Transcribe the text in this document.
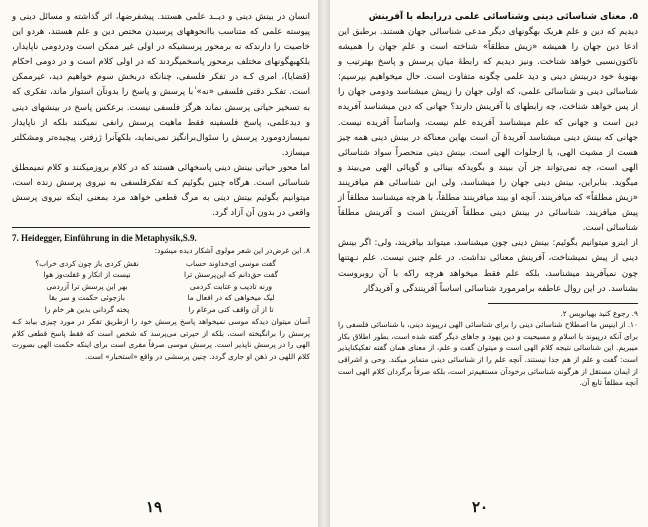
انسان در بینش دینی و دیــد علمی هستند. پیشفرضها، اثر گذاشته و مسائل دینی و پیوسته علمی که متناسب باانحوههای پرسیدن مختص دین و علم هستند، هردو این خاصیت را دارندکه نه برمحور پرسشیکه در اولی غیر ممکن است ودردومی ناپایدار، بلکهبهگونهای مختلف برمحور پاسخمیگردند که در اولی کلام است و در دومی احکام (قضایا)، امری کـه در تفکر فلسفی، چنانکه دربخش سوم خواهیم دید، غیرممکن است. تفکـر دقتی فلسفی «نه» ٰبا پرسش و پاسخ را بدونآن استوار ماند، تفکری که به تسخیر حیاتی پرسش نماند هرگز فلسفی نیست. برعکس پاسخ در بینشهای دینی و دیدعلمی، پاسخ فلسفینه فقط ماهیت پرسش رانفی نمیکنند بلکه از ناپایدار نمیسازدومورد پرسش را سئوال‌برانگیز نمی‌نماید، بلکهآنرا ژرفتر، پیچیده‌تر ومشکلتر میسازد.

اما محور حیاتی بینش دینی پاسخهائی هستند که در کلام بروزمیکنند و کلام نمیمطلق شناسائی است. هرگاه چنین بگوئیم کـه تفکرفلسفی به نیروی پرسش زنده است، میتوانیم بگوئیم بینش دینی به مرگ قطعی خواهد مرد بمعنی اینکه نیروی پرسش واقعی در بدون آن آزاد گرد.

7. Heidegger, Einführung in die Metaphysik,S.9.

۸. این غرض‌در این شعر مولوی آشکار دیده میشود:

گفت موسی ای‌خداوند حساب
نقش کردی باز چون کردی خراب؟
گفت حق‌دانم که این‌پرسش ترا
نیست از انکار و غفلت‌وز هوا
ورنه تادیب و عتابت کردمی
بهر این پرسش ترا آزردمی
لیک میخواهی که در افعال ما
بازجوئی حکمت و سر بقا
تا از آن واقف کنی مرعام را
پخته گردانی بدین هر خام را

آسان میتوان دیدکه موسی نمیخواهد پاسخ پرسش خود را ازطریق تفکر در مورد چیزی بیابد کـه پرسش را برانگیخته است، بلکه از حیرتی می‌پرسد که شخص است که فقط پاسخ قطعی کلام الهی را در پرسش ناپذیر است. پرسش موسی صرفاً مفری است برای اینکه حکمت الهی بصورت کلام اللهی در ذهن او جاری گردد. چنین پرسشی در واقع «استخبار» است.

۱۹
۵. معنای شناسائی دینی وشناسائی علمی دررابطه با آفرینش

دیدیم که دین و علم هریک بهگونهای دیگر مدعی شناسائی جهان هستند. برطبق این ادعا دین جهان را همیشه «زیش مطلقاً» شناخته است و علم جهان را همیشه ناکتون‌نسبی خواهد شناخت. ونیز دیدیم که رابطهٔ میان پرسش و پاسخ بهترتیب و بهنوبهٔ خود دربینش دینی و دید علمی چگونه متفاوت است. حال میخواهیم بپرسیم: شناسائی دینی و شناسائی علمی، که اولی جهان را زپیش میشناسد ودومی جهان را از پس خواهد شناخت، چه رابطهای با آفرینش دارند؟ جهانی که دین میشناسد آفریده دین است و جهانی که علم میشناسد آفریده علم نیست، واساساً آفریده نیست. جهانی که بینش دینی میشناسد آفریدهٔ آن است بهاین معناکه در بینش دینی همه چیز هست از مشیت الهی، یا ازجلوات الهی است. بینش دینی منحصراً سواد شناسائی الهی است، چه نمی‌تواند جز آن ببیند و بگویدکه بینائی و گویائی الهی می‌بیند و میگوید. بنابراین، بینش دینی جهان را میشناسد، ولی این شناسائی هم میافرینند «زیش مطلقاً» که میافرینند. آنچه او بیند میافرینند مطلقاً، با هرچه میشناسد مطلقاً از پیش میافریند. شناسائی در بینش دینی مطلقاً آفرینش است و آفرینش مطلقاً شناسائی است.

از اینرو میتوانیم بگوئیم: بینش دینی چون میشناسد، میتواند بیافریند، ولی: اگر بینش دینی از پیش نمیشناخت، آفرینش معنائی نداشت. در علم چنین نیست. علم نـهتنها چون نمیآفریند میشناسد، بلکه علم فقط میخواهد هرچه راکه با آن روبروست بشناسد. در این روال عاطفه برامرمورد شناسائی اساساً آفرینندگی و آفریدگار

۹. رجوع کنید بهپانویس ۲.

۱۰. از اینپس ما اصطلاح شناسائی دینی را برای شناسائی الهی درپیوند دینی، با شناسائی فلسفی را برای آنکه درپیوند با اسلام و مسیحیت و دین یهود و جاهای دیگر گفته شده است، بطور اطلاق بکار میبریم. این شناسائی نتیجه کلام الهی است و میتوان گفت و علم، از معنای همان گفته تفکیکناپذیر است: گفت و علم از هم جدا نیستند. آنچه علم را از شناسائی دینی متمایز میکند. وحی و اشراقی از ایمان مستقل از هرگونه شناسائی برخودآن مستقیم‌تر است، بلکه صرفاً برگردان کلام الهی است آنچه مطلقاً تابع آن.

۲۰
